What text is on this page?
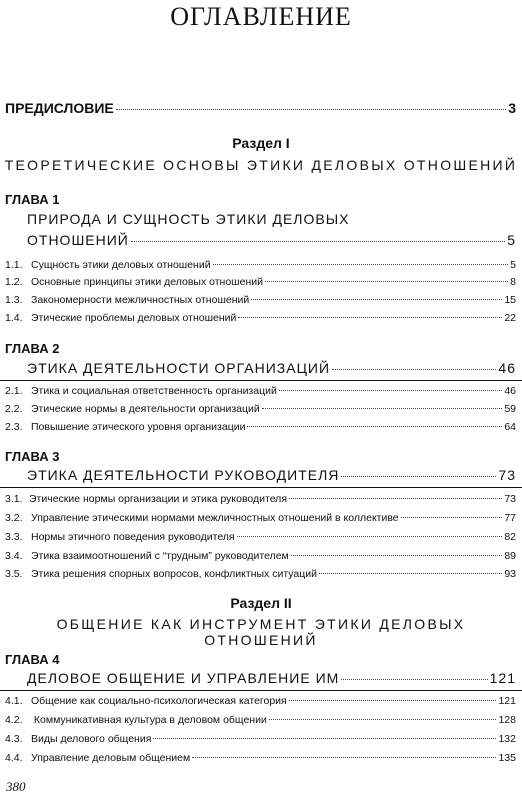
ОГЛАВЛЕНИЕ
ПРЕДИСЛОВИЕ	3
Раздел I
ТЕОРЕТИЧЕСКИЕ ОСНОВЫ ЭТИКИ ДЕЛОВЫХ ОТНОШЕНИЙ
ГЛАВА 1
ПРИРОДА И СУЩНОСТЬ ЭТИКИ ДЕЛОВЫХ
ОТНОШЕНИЙ	5
1.1. Сущность этики деловых отношений	5
1.2. Основные принципы этики деловых отношений	8
1.3. Закономерности межличностных отношений	15
1.4. Этические проблемы деловых отношений	22
ГЛАВА 2
ЭТИКА ДЕЯТЕЛЬНОСТИ ОРГАНИЗАЦИЙ	46
2.1. Этика и социальная ответственность организаций	46
2.2. Этические нормы в деятельности организаций	59
2.3. Повышение этического уровня организации	64
ГЛАВА 3
ЭТИКА ДЕЯТЕЛЬНОСТИ РУКОВОДИТЕЛЯ	73
3.1. Этические нормы организации и этика руководителя	73
3.2. Управление этическими нормами межличностных отношений в коллективе	77
3.3. Нормы этичного поведения руководителя	82
3.4. Этика взаимоотношений с “трудным” руководителем	89
3.5. Этика решения спорных вопросов, конфликтных ситуаций	93
Раздел II
ОБЩЕНИЕ КАК ИНСТРУМЕНТ ЭТИКИ ДЕЛОВЫХ ОТНОШЕНИЙ
ГЛАВА 4
ДЕЛОВОЕ ОБЩЕНИЕ И УПРАВЛЕНИЕ ИМ	121
4.1. Общение как социально-психологическая категория	121
4.2. Коммуникативная культура в деловом общении	128
4.3. Виды делового общения	132
4.4. Управление деловым общением	135
380
